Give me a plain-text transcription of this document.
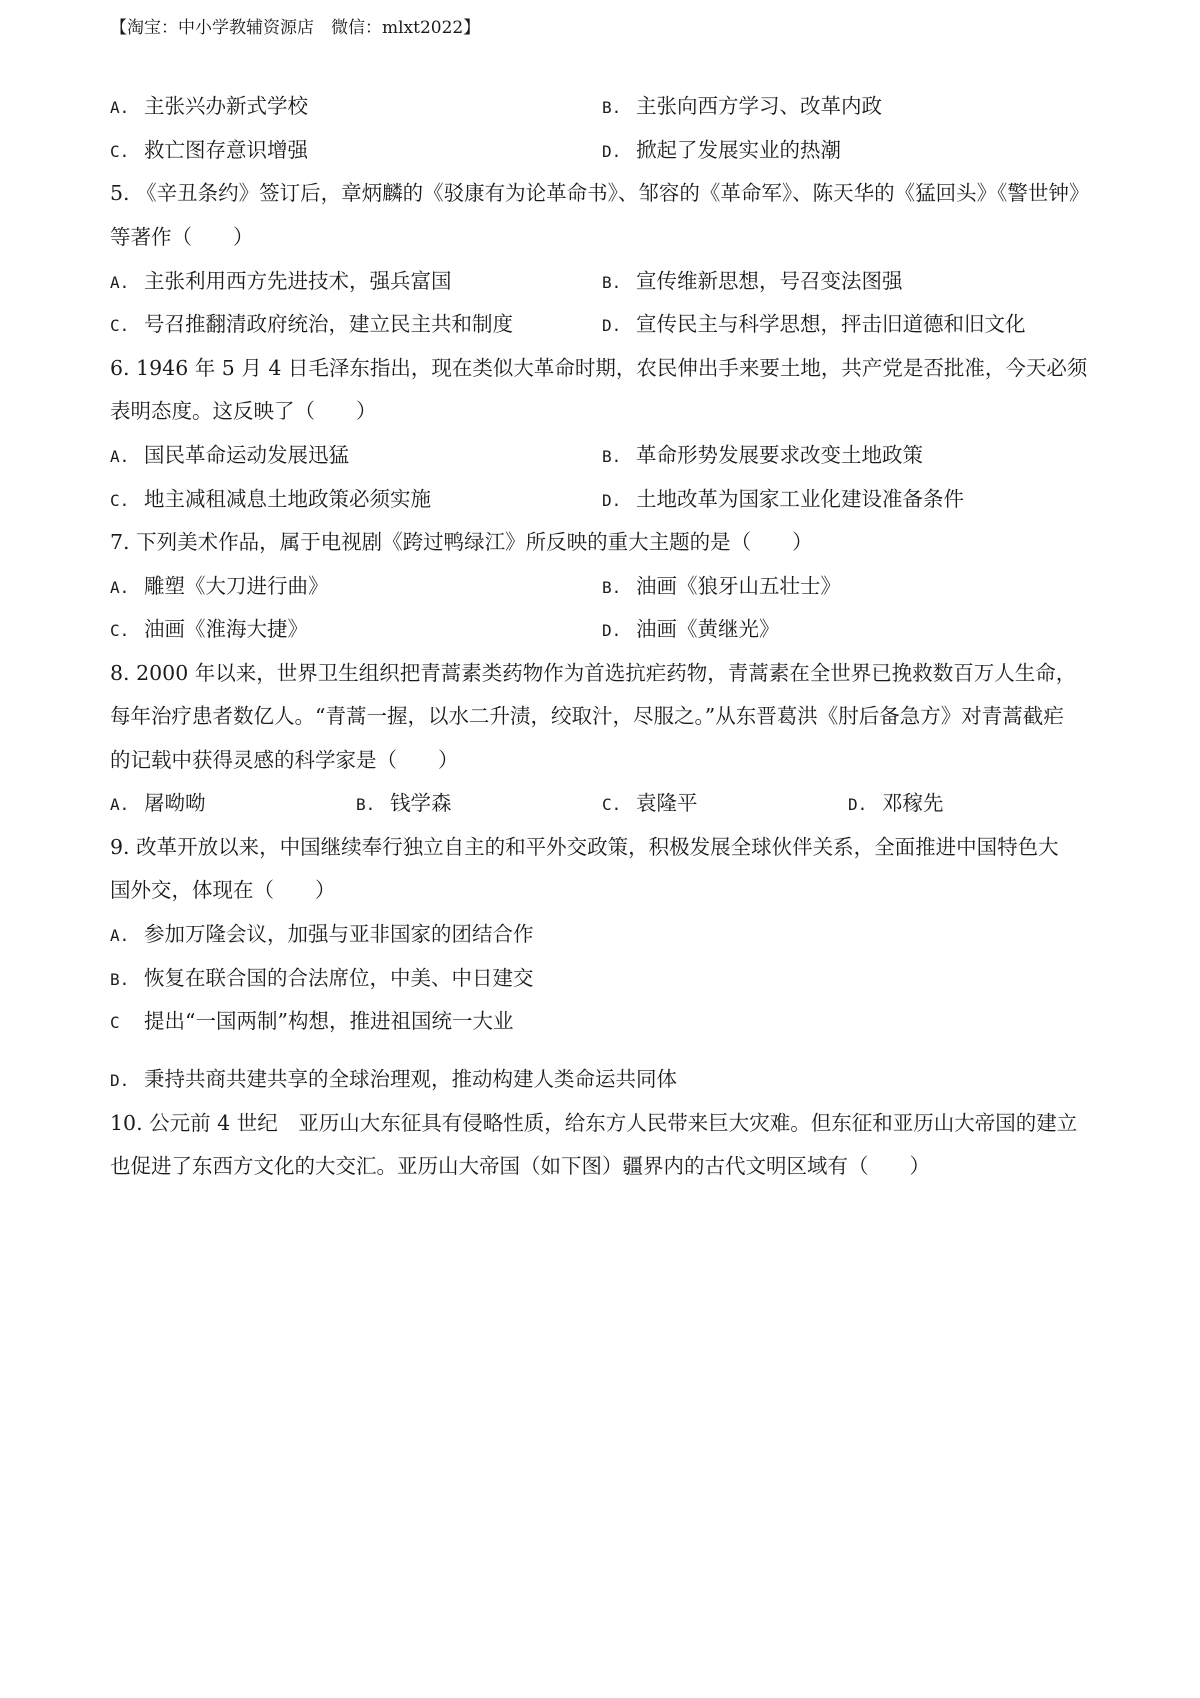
【淘宝：中小学教辅资源店　微信：mlxt2022】
A. 主张兴办新式学校	B. 主张向西方学习、改革内政
C. 救亡图存意识增强	D. 掀起了发展实业的热潮
5. 《辛丑条约》签订后，章炳麟的《驳康有为论革命书》、邹容的《革命军》、陈天华的《猛回头》《警世钟》
等著作（　　）
A. 主张利用西方先进技术，强兵富国	B. 宣传维新思想，号召变法图强
C. 号召推翻清政府统治，建立民主共和制度	D. 宣传民主与科学思想，抨击旧道德和旧文化
6. 1946 年 5 月 4 日毛泽东指出，现在类似大革命时期，农民伸出手来要土地，共产党是否批准，今天必须
表明态度。这反映了（　　）
A. 国民革命运动发展迅猛	B. 革命形势发展要求改变土地政策
C. 地主减租减息土地政策必须实施	D. 土地改革为国家工业化建设准备条件
7. 下列美术作品，属于电视剧《跨过鸭绿江》所反映的重大主题的是（　　）
A. 雕塑《大刀进行曲》	B. 油画《狼牙山五壮士》
C. 油画《淮海大捷》	D. 油画《黄继光》
8. 2000 年以来，世界卫生组织把青蒿素类药物作为首选抗疟药物，青蒿素在全世界已挽救数百万人生命，
每年治疗患者数亿人。“青蒿一握，以水二升渍，绞取汁，尽服之。”从东晋葛洪《肘后备急方》对青蒿截疟
的记载中获得灵感的科学家是（　　）
A. 屠呦呦	B. 钱学森	C. 袁隆平	D. 邓稼先
9. 改革开放以来，中国继续奉行独立自主的和平外交政策，积极发展全球伙伴关系，全面推进中国特色大
国外交，体现在（　　）
A. 参加万隆会议，加强与亚非国家的团结合作
B. 恢复在联合国的合法席位，中美、中日建交
C 提出“一国两制”构想，推进祖国统一大业
D. 秉持共商共建共享的全球治理观，推动构建人类命运共同体
10. 公元前 4 世纪　亚历山大东征具有侵略性质，给东方人民带来巨大灾难。但东征和亚历山大帝国的建立
也促进了东西方文化的大交汇。亚历山大帝国（如下图）疆界内的古代文明区域有（　　）
